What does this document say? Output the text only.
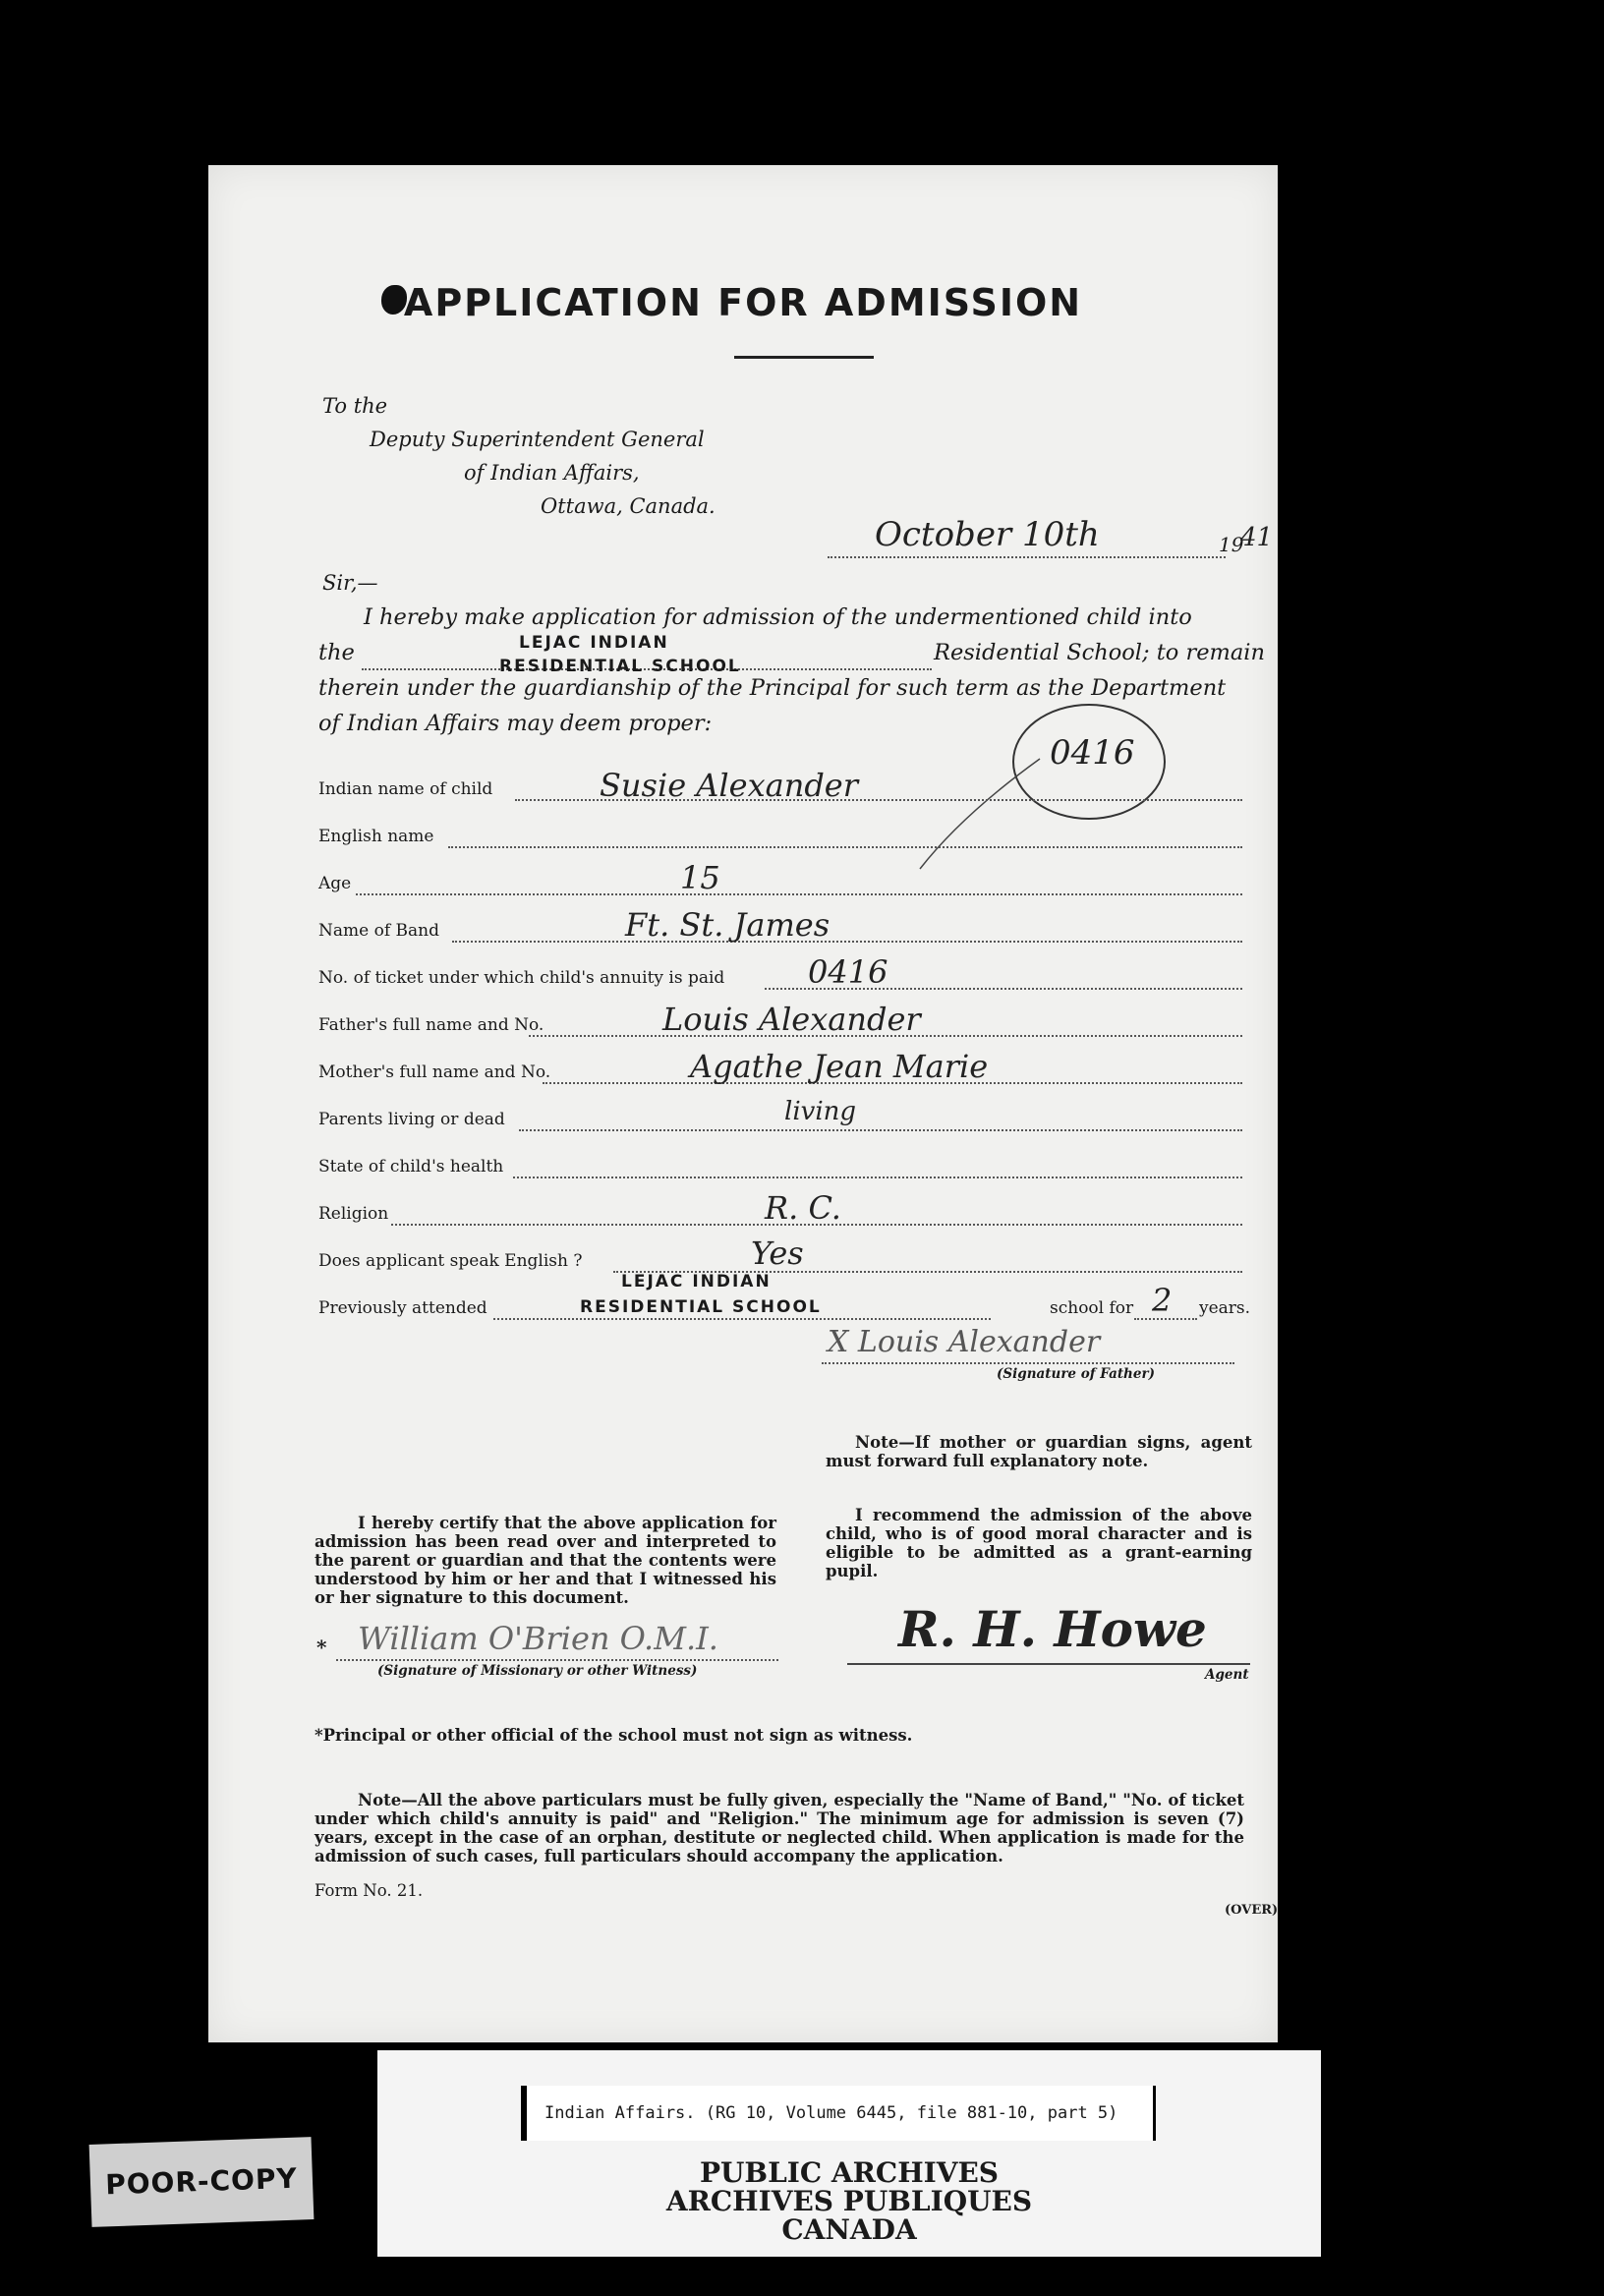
APPLICATION FOR ADMISSION
To the
Deputy Superintendent General
of Indian Affairs,
Ottawa, Canada.
October 10th	19
41
Sir,—
I hereby make application for admission of the undermentioned child into
the	LEJAC INDIAN
RESIDENTIAL SCHOOL
Residential School; to remain
therein under the guardianship of the Principal for such term as the Department
of Indian Affairs may deem proper:
0416
Indian name of child	Susie Alexander
English name
Age	15
Name of Band	Ft. St. James
No. of ticket under which child's annuity is paid	0416
Father's full name and No.	Louis Alexander
Mother's full name and No.	Agathe Jean Marie
Parents living or dead	living
State of child's health
Religion	R. C.
Does applicant speak English ?	Yes
Previously attended
LEJAC INDIAN
RESIDENTIAL SCHOOL	school for 2 years.
X Louis Alexander
(Signature of Father)
Note—If mother or guardian signs, agent must forward full explanatory note.
I hereby certify that the above application for admission has been read over and interpreted to the parent or guardian and that the contents were understood by him or her and that I witnessed his or her signature to this document.
I recommend the admission of the above child, who is of good moral character and is eligible to be admitted as a grant-earning pupil.
* William O'Brien O.M.I.
(Signature of Missionary or other Witness)
R. H. Howe
Agent
*Principal or other official of the school must not sign as witness.
Note—All the above particulars must be fully given, especially the "Name of Band," "No. of ticket under which child's annuity is paid" and "Religion." The minimum age for admission is seven (7) years, except in the case of an orphan, destitute or neglected child. When application is made for the admission of such cases, full particulars should accompany the application.
Form No. 21.
(OVER)
Indian Affairs. (RG 10, Volume 6445, file 881-10, part 5)
PUBLIC ARCHIVES
ARCHIVES PUBLIQUES
CANADA
POOR-COPY
